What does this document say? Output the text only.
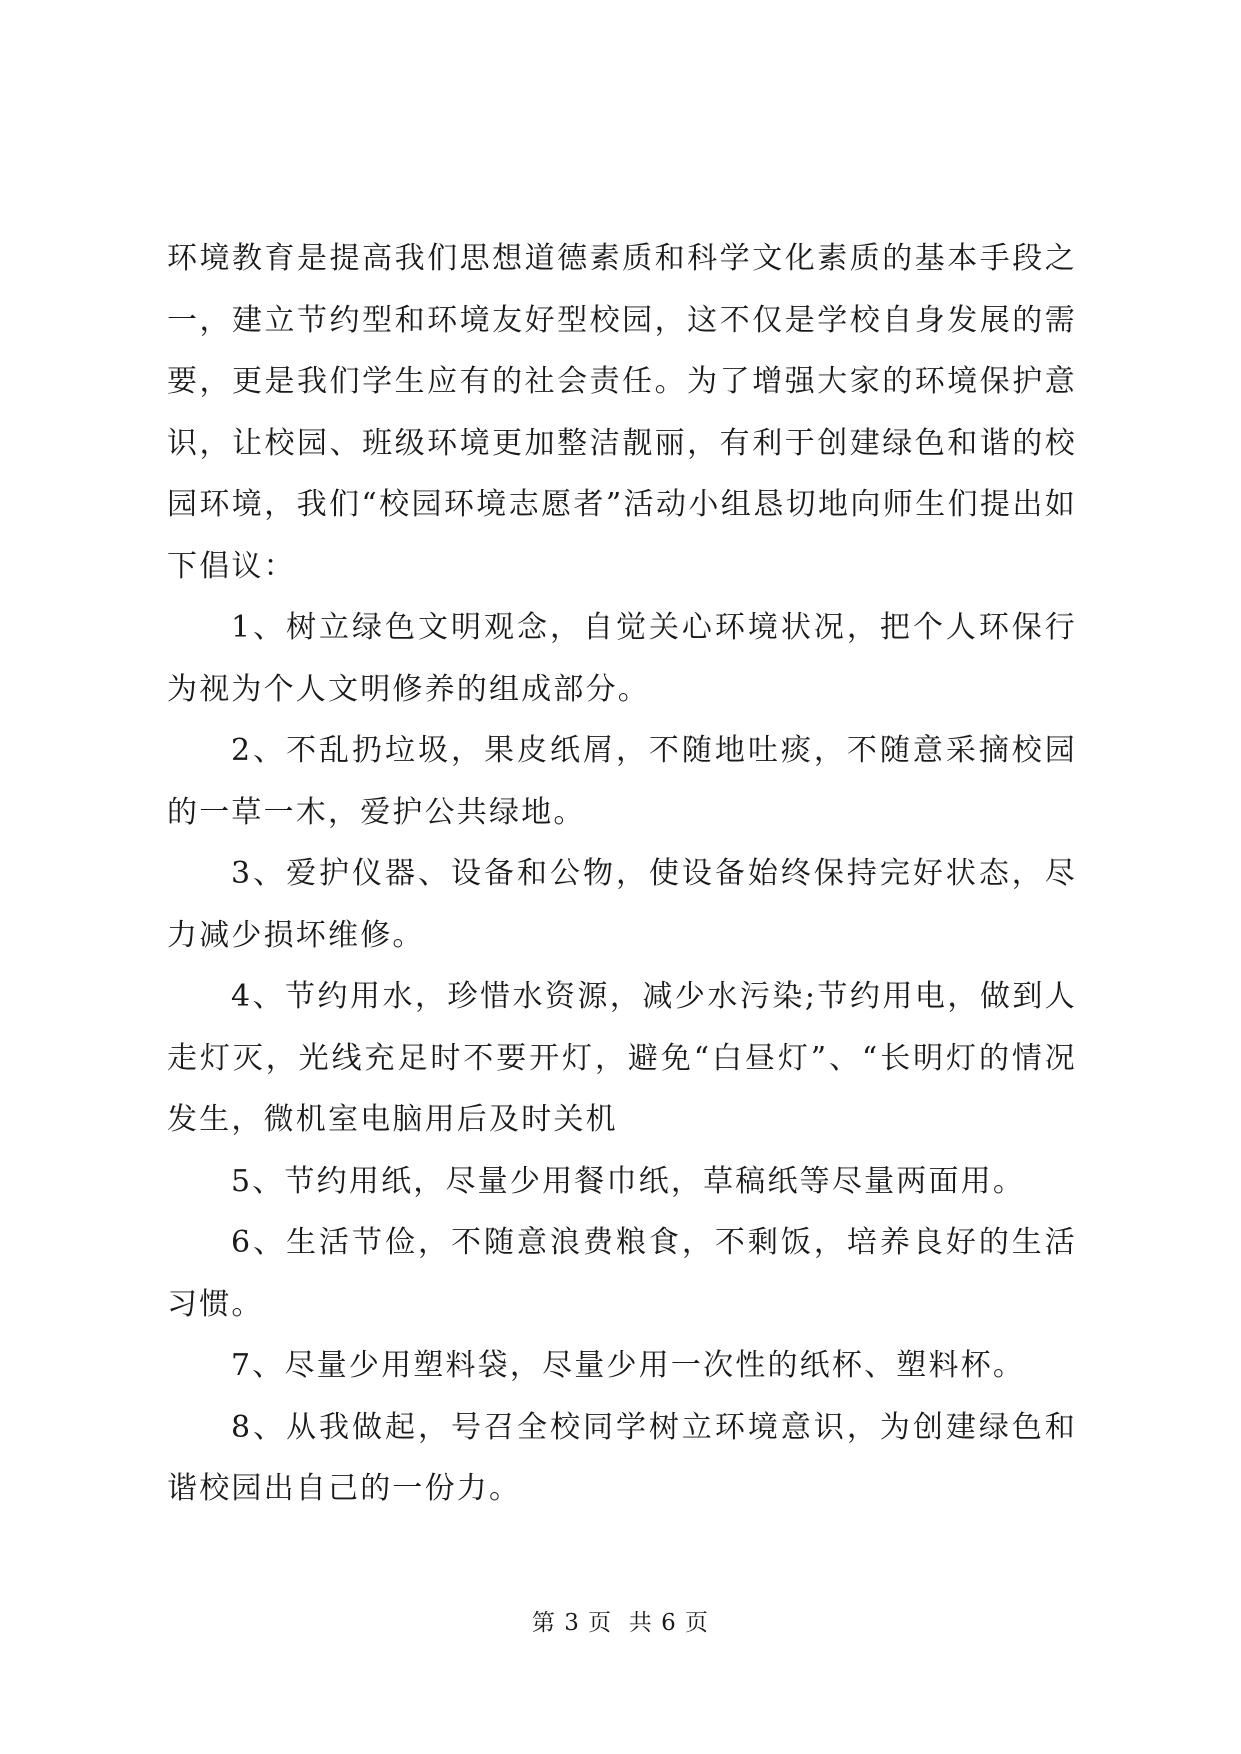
环境教育是提高我们思想道德素质和科学文化素质的基本手段之一，建立节约型和环境友好型校园，这不仅是学校自身发展的需要，更是我们学生应有的社会责任。为了增强大家的环境保护意识，让校园、班级环境更加整洁靓丽，有利于创建绿色和谐的校园环境，我们“校园环境志愿者”活动小组恳切地向师生们提出如下倡议：

1、树立绿色文明观念，自觉关心环境状况，把个人环保行为视为个人文明修养的组成部分。

2、不乱扔垃圾，果皮纸屑，不随地吐痰，不随意采摘校园的一草一木，爱护公共绿地。

3、爱护仪器、设备和公物，使设备始终保持完好状态，尽力减少损坏维修。

4、节约用水，珍惜水资源，减少水污染;节约用电，做到人走灯灭，光线充足时不要开灯，避免“白昼灯”、“长明灯的情况发生，微机室电脑用后及时关机

5、节约用纸，尽量少用餐巾纸，草稿纸等尽量两面用。

6、生活节俭，不随意浪费粮食，不剩饭，培养良好的生活习惯。

7、尽量少用塑料袋，尽量少用一次性的纸杯、塑料杯。

8、从我做起，号召全校同学树立环境意识，为创建绿色和谐校园出自己的一份力。

第 3 页  共 6 页
